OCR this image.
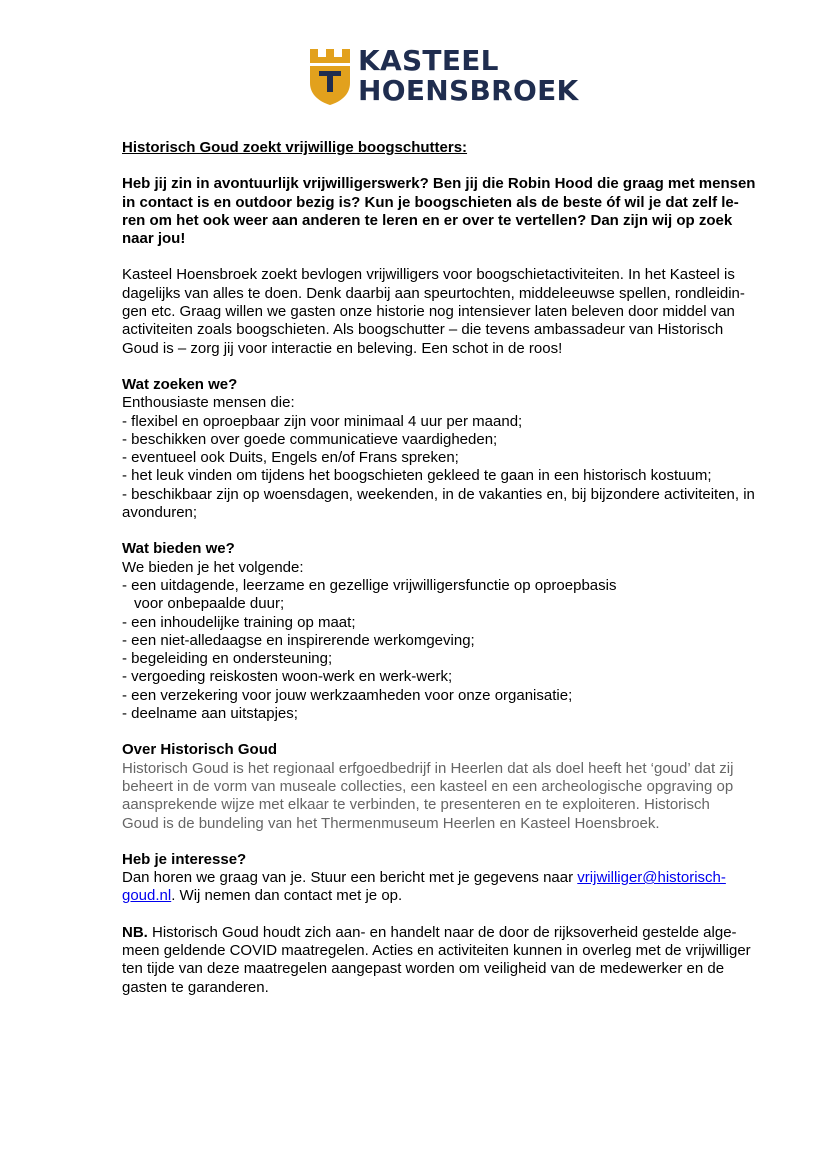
KASTEEL
HOENSBROEK

Historisch Goud zoekt vrijwillige boogschutters:

Heb jij zin in avontuurlijk vrijwilligerswerk? Ben jij die Robin Hood die graag met mensen

in contact is en outdoor bezig is? Kun je boogschieten als de beste óf wil je dat zelf le-

ren om het ook weer aan anderen te leren en er over te vertellen? Dan zijn wij op zoek

naar jou!

Kasteel Hoensbroek zoekt bevlogen vrijwilligers voor boogschietactiviteiten. In het Kasteel is

dagelijks van alles te doen. Denk daarbij aan speurtochten, middeleeuwse spellen, rondleidin-

gen etc. Graag willen we gasten onze historie nog intensiever laten beleven door middel van

activiteiten zoals boogschieten. Als boogschutter – die tevens ambassadeur van Historisch

Goud is – zorg jij voor interactie en beleving. Een schot in de roos!

Wat zoeken we?

Enthousiaste mensen die:

- flexibel en oproepbaar zijn voor minimaal 4 uur per maand;

- beschikken over goede communicatieve vaardigheden;

- eventueel ook Duits, Engels en/of Frans spreken;

- het leuk vinden om tijdens het boogschieten gekleed te gaan in een historisch kostuum;

- beschikbaar zijn op woensdagen, weekenden, in de vakanties en, bij bijzondere activiteiten, in

avonduren;

Wat bieden we?

We bieden je het volgende:

- een uitdagende, leerzame en gezellige vrijwilligersfunctie op oproepbasis

voor onbepaalde duur;

- een inhoudelijke training op maat;

- een niet-alledaagse en inspirerende werkomgeving;

- begeleiding en ondersteuning;

- vergoeding reiskosten woon-werk en werk-werk;

- een verzekering voor jouw werkzaamheden voor onze organisatie;

- deelname aan uitstapjes;

Over Historisch Goud

Historisch Goud is het regionaal erfgoedbedrijf in Heerlen dat als doel heeft het ‘goud’ dat zij

beheert in de vorm van museale collecties, een kasteel en een archeologische opgraving op

aansprekende wijze met elkaar te verbinden, te presenteren en te exploiteren. Historisch

Goud is de bundeling van het Thermenmuseum Heerlen en Kasteel Hoensbroek.

Heb je interesse?

Dan horen we graag van je. Stuur een bericht met je gegevens naar vrijwilliger@historisch-

goud.nl. Wij nemen dan contact met je op.

NB. Historisch Goud houdt zich aan- en handelt naar de door de rijksoverheid gestelde alge-

meen geldende COVID maatregelen. Acties en activiteiten kunnen in overleg met de vrijwilliger

ten tijde van deze maatregelen aangepast worden om veiligheid van de medewerker en de

gasten te garanderen.
